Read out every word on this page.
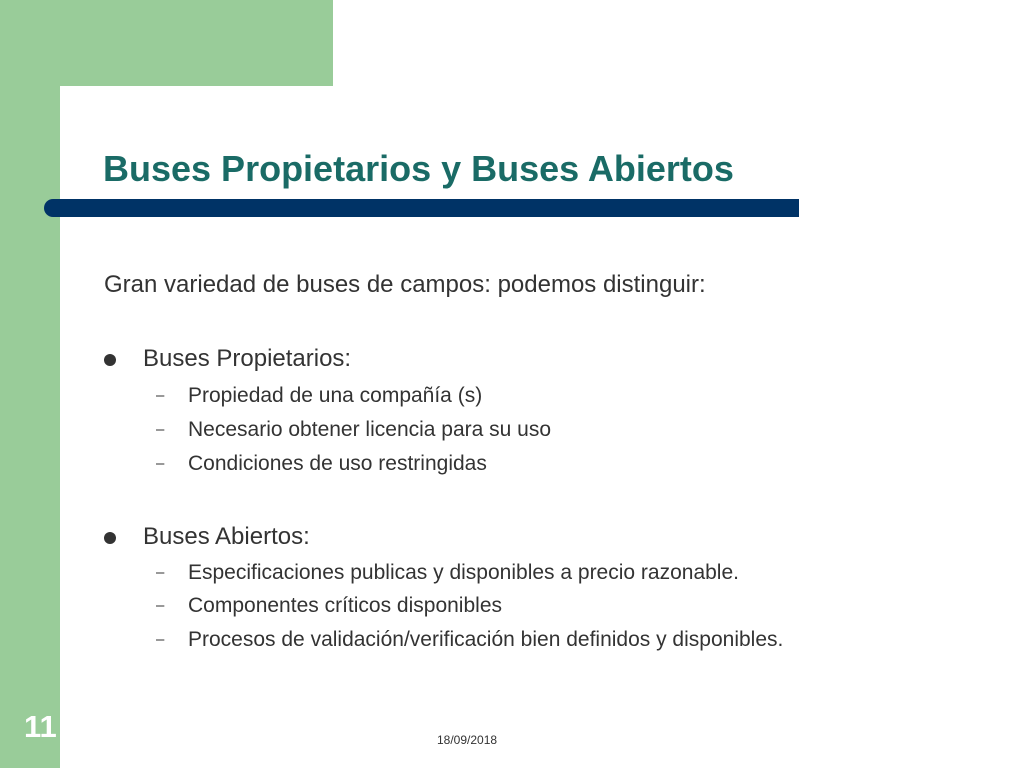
Buses Propietarios y Buses Abiertos

Gran variedad de buses de campos: podemos distinguir:

Buses Propietarios:
– Propiedad de una compañía (s)
– Necesario obtener licencia para su uso
– Condiciones de uso restringidas
Buses Abiertos:
– Especificaciones publicas y disponibles a precio razonable.
– Componentes críticos disponibles
– Procesos de validación/verificación bien definidos y disponibles.
11	18/09/2018
